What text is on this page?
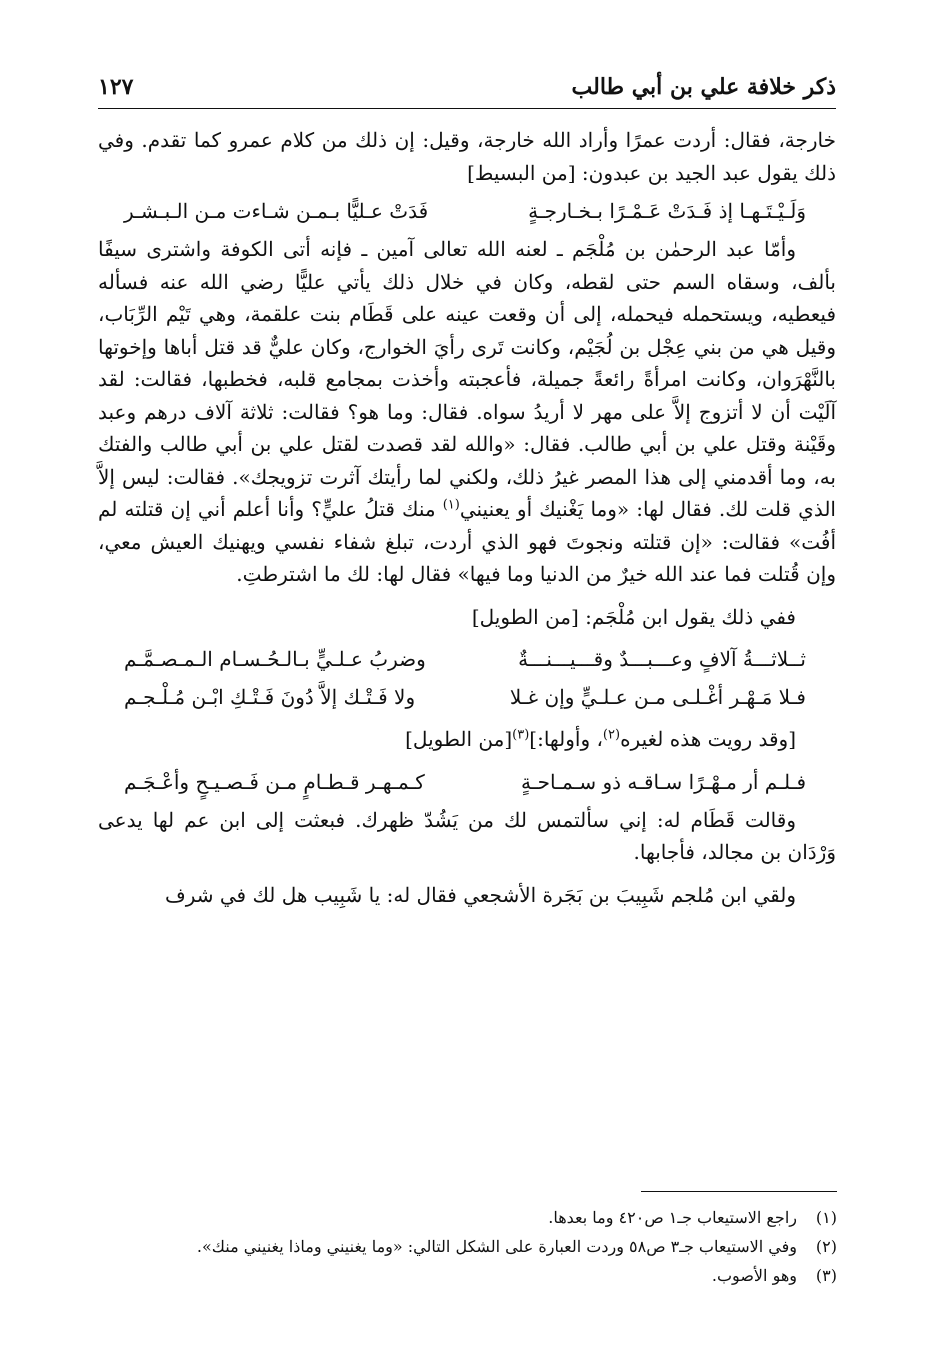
ذكر خلافة علي بن أبي طالب
١٢٧

خارجة، فقال: أردت عمرًا وأراد الله خارجة، وقيل: إن ذلك من كلام عمرو كما تقدم. وفي ذلك يقول عبد الجيد بن عبدون: [من البسيط]

وَلَـيْـتَـهـا إذ فَـدَتْ عَـمْـرًا بـخـارجـةٍ
فَدَتْ عـليًّا بـمـن شـاءت مـن الـبـشـر

وأمّا عبد الرحمٰن بن مُلْجَم ـ لعنه الله تعالى آمين ـ فإنه أتى الكوفة واشترى سيفًا بألف، وسقاه السم حتى لقطه، وكان في خلال ذلك يأتي عليًّا رضي الله عنه فسأله فيعطيه، ويستحمله فيحمله، إلى أن وقعت عينه على قَطَام بنت علقمة، وهي تَيْم الرِّبَاب، وقيل هي من بني عِجْل بن لُجَيْم، وكانت تَرى رأيَ الخوارج، وكان عليٌّ قد قتل أباها وإخوتها بالنَّهْرَوان، وكانت امرأةً رائعةً جميلة، فأعجبته وأخذت بمجامع قلبه، فخطبها، فقالت: لقد آلَيْت أن لا أتزوج إلاَّ على مهر لا أريدُ سواه. فقال: وما هو؟ فقالت: ثلاثة آلاف درهم وعبد وقَيْنة وقتل علي بن أبي طالب. فقال: «والله لقد قصدت لقتل علي بن أبي طالب والفتك به، وما أقدمني إلى هذا المصر غيرُ ذلك، ولكني لما رأيتك آثرت تزويجك». فقالت: ليس إلاَّ الذي قلت لك. فقال لها: «وما يَغْنيك أو يعنيني$^{(١)}$ منك قتلُ عليٍّ؟ وأنا أعلم أني إن قتلته لم أفُت» فقالت: «إن قتلته ونجوتَ فهو الذي أردت، تبلغ شفاء نفسي ويهنيك العيش معي، وإن قُتلت فما عند الله خيرٌ من الدنيا وما فيها» فقال لها: لك ما اشترطتِ.

ففي ذلك يقول ابن مُلْجَم: [من الطويل]

ثــلاثـــةُ آلافٍ وعـــبـــدٌ وقـــيـــنـــةٌ
وضربُ عـلـيٍّ بـالـحُـسـام الـمـصـمَّـم
فـلا مَـهْـر أغْـلـى مـن عـلـيٍّ وإن غـلا
ولا فَـتْـك إلاَّ دُونَ فَـتْـكِ ابْـن مُـلْـجـم

[وقد رويت هذه لغيره$^{(٢)}$، وأولها:]$^{(٣)}$[من الطويل]

فـلـم أر مـهْـرًا سـاقـه ذو سـمـاحـةٍ
كـمـهـر قـطـامٍ مـن فَـصـيـحٍ وأعْـجَـم

وقالت قَطَام له: إني سألتمس لك من يَشُدّ ظهرك. فبعثت إلى ابن عم لها يدعى وَرْدَان بن مجالد، فأجابها.

ولقي ابن مُلجم شَبِيبَ بن بَجَرة الأشجعي فقال له: يا شَبِيب هل لك في شرف

(١)
راجع الاستيعاب جـ١ ص٤٢٠ وما بعدها.
(٢)
وفي الاستيعاب جـ٣ ص٥٨ وردت العبارة على الشكل التالي: «وما يغنيني وماذا يغنيني منك».
(٣)
وهو الأصوب.
